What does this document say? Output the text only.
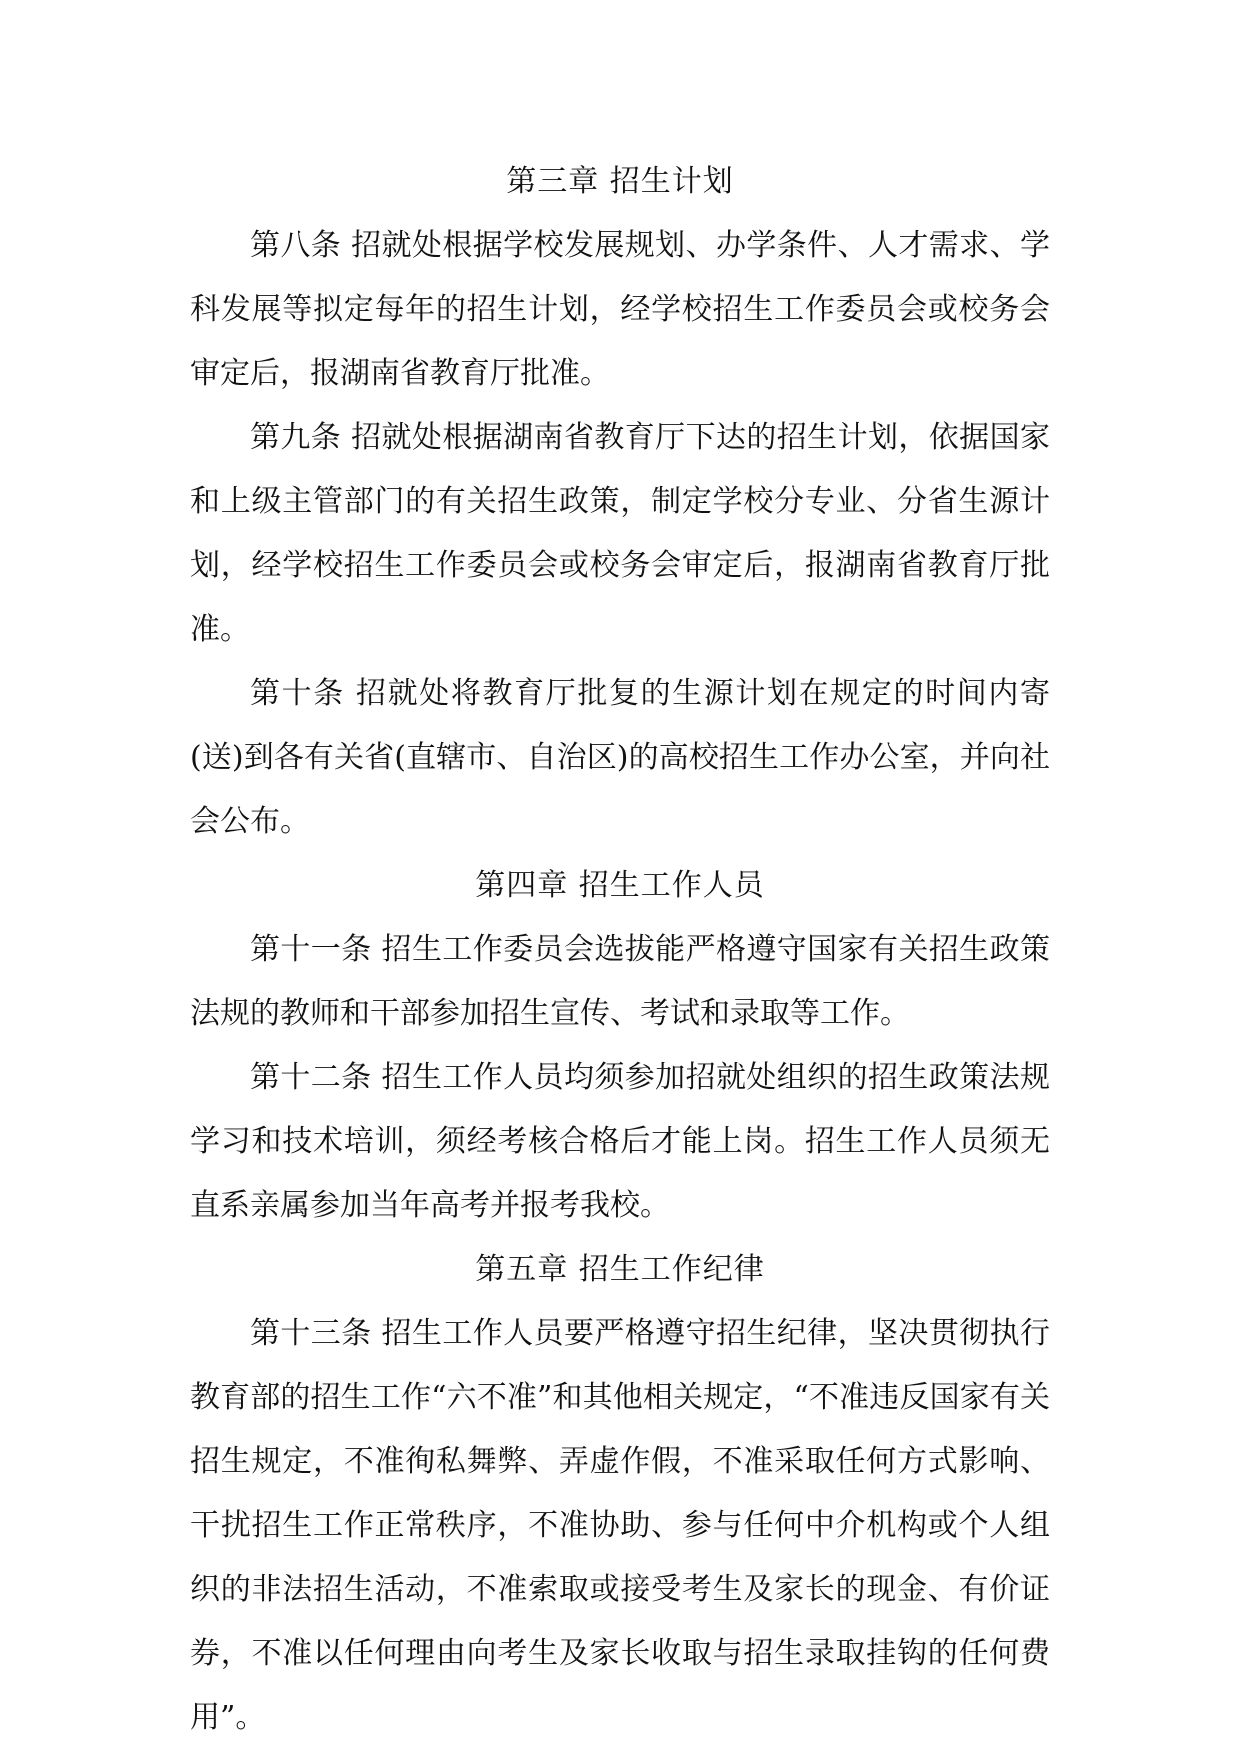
第三章 招生计划

第八条 招就处根据学校发展规划、办学条件、人才需求、学科发展等拟定每年的招生计划，经学校招生工作委员会或校务会审定后，报湖南省教育厅批准。

第九条 招就处根据湖南省教育厅下达的招生计划，依据国家和上级主管部门的有关招生政策，制定学校分专业、分省生源计划，经学校招生工作委员会或校务会审定后，报湖南省教育厅批准。

第十条 招就处将教育厅批复的生源计划在规定的时间内寄(送)到各有关省(直辖市、自治区)的高校招生工作办公室，并向社会公布。

第四章 招生工作人员

第十一条 招生工作委员会选拔能严格遵守国家有关招生政策法规的教师和干部参加招生宣传、考试和录取等工作。

第十二条 招生工作人员均须参加招就处组织的招生政策法规学习和技术培训，须经考核合格后才能上岗。招生工作人员须无直系亲属参加当年高考并报考我校。

第五章 招生工作纪律

第十三条 招生工作人员要严格遵守招生纪律，坚决贯彻执行教育部的招生工作“六不准”和其他相关规定，“不准违反国家有关招生规定，不准徇私舞弊、弄虚作假，不准采取任何方式影响、干扰招生工作正常秩序，不准协助、参与任何中介机构或个人组织的非法招生活动，不准索取或接受考生及家长的现金、有价证券，不准以任何理由向考生及家长收取与招生录取挂钩的任何费用”。
